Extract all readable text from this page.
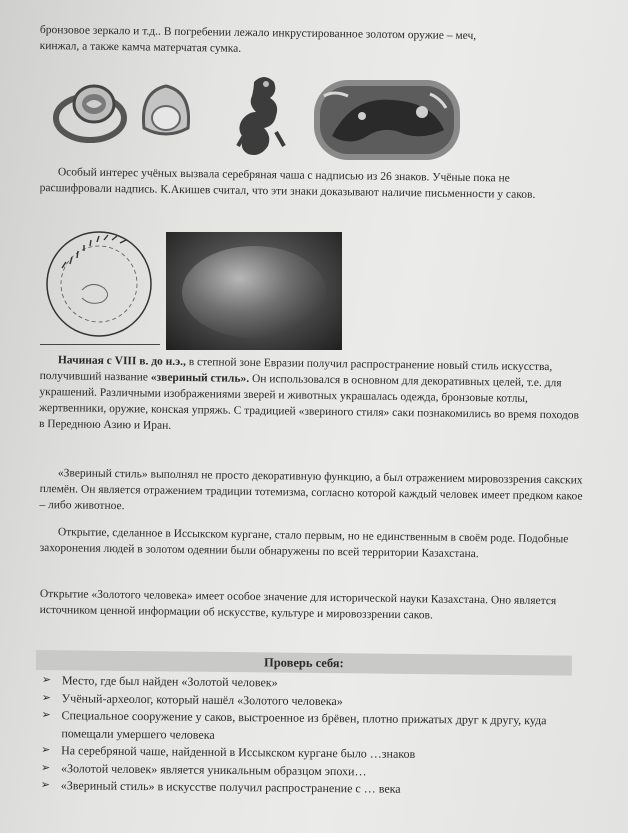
бронзовое зеркало и т.д.. В погребении лежало инкрустированное золотом оружие – меч,
кинжал, а также камча матерчатая сумка.

Особый интерес учёных вызвала серебряная чаша с надписью из 26 знаков. Учёные пока не расшифровали надпись. К.Акишев считал, что эти знаки доказывают наличие письменности у саков.

Начиная с VIII в. до н.э., в степной зоне Евразии получил распространение новый стиль искусства, получивший название «звериный стиль». Он использовался в основном для декоративных целей, т.е. для украшений. Различными изображениями зверей и животных украшалась одежда, бронзовые котлы, жертвенники, оружие, конская упряжь. С традицией «звериного стиля» саки познакомились во время походов в Переднюю Азию и Иран.

«Звериный стиль» выполнял не просто декоративную функцию, а был отражением мировоззрения сакских племён. Он является отражением традиции тотемизма, согласно которой каждый человек имеет предком какое – либо животное.

Открытие, сделанное в Иссыкском кургане, стало первым, но не единственным в своём роде. Подобные захоронения людей в золотом одеянии были обнаружены по всей территории Казахстана.

Открытие «Золотого человека» имеет особое значение для исторической науки Казахстана. Оно является источником ценной информации об искусстве, культуре и мировоззрении саков.

Проверь себя:

➢ Место, где был найден «Золотой человек»
➢ Учёный-археолог, который нашёл «Золотого человека»
➢ Специальное сооружение у саков, выстроенное из брёвен, плотно прижатых друг к другу, куда помещали умершего человека
➢ На серебряной чаше, найденной в Иссыкском кургане было …знаков
➢ «Золотой человек» является уникальным образцом эпохи…
➢ «Звериный стиль» в искусстве получил распространение с … века
